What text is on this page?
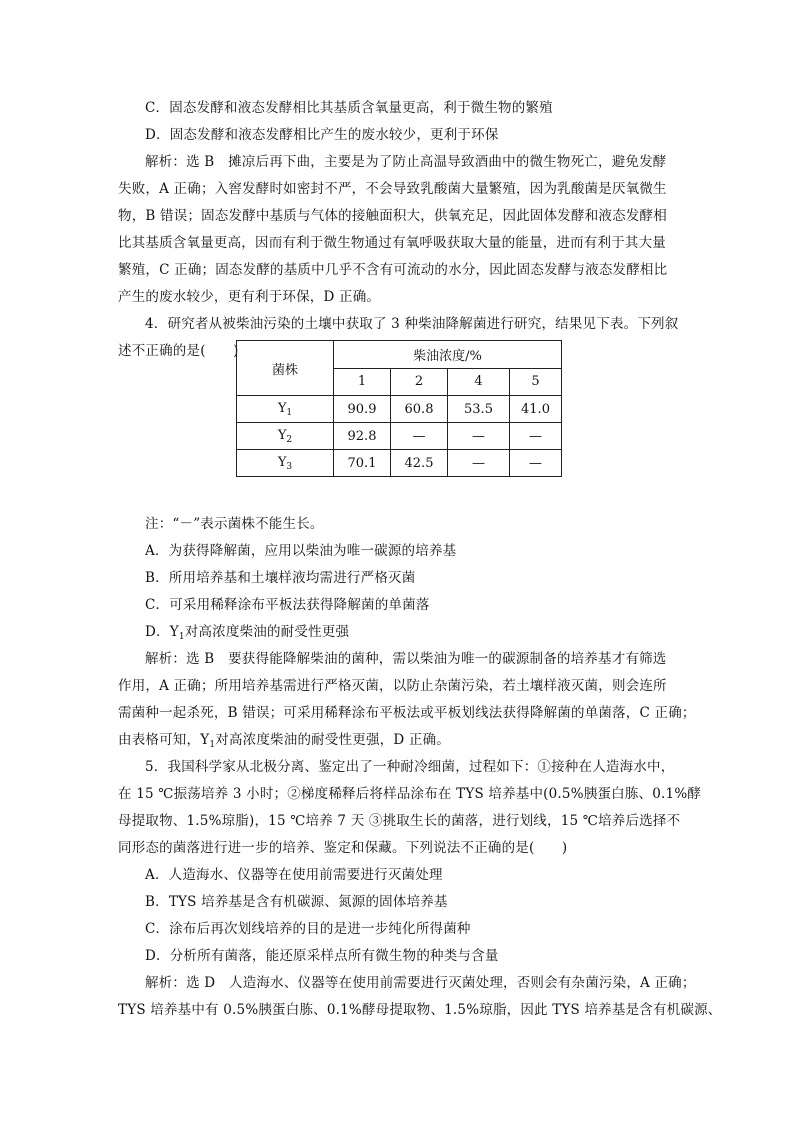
C．固态发酵和液态发酵相比其基质含氧量更高，利于微生物的繁殖
D．固态发酵和液态发酵相比产生的废水较少，更利于环保
解析：选 B　摊凉后再下曲，主要是为了防止高温导致酒曲中的微生物死亡，避免发酵
失败，A 正确；入窖发酵时如密封不严，不会导致乳酸菌大量繁殖，因为乳酸菌是厌氧微生
物，B 错误；固态发酵中基质与气体的接触面积大，供氧充足，因此固体发酵和液态发酵相
比其基质含氧量更高，因而有利于微生物通过有氧呼吸获取大量的能量，进而有利于其大量
繁殖，C 正确；固态发酵的基质中几乎不含有可流动的水分，因此固态发酵与液态发酵相比
产生的废水较少，更有利于环保，D 正确。
4．研究者从被柴油污染的土壤中获取了 3 种柴油降解菌进行研究，结果见下表。下列叙
述不正确的是(　　)
菌株	柴油浓度/%			
	1	2	4	5
$Y_1$	90.9	60.8	53.5	41.0
$Y_2$	92.8	—	—	—
$Y_3$	70.1	42.5	—	—
注：“－”表示菌株不能生长。
A．为获得降解菌，应用以柴油为唯一碳源的培养基
B．所用培养基和土壤样液均需进行严格灭菌
C．可采用稀释涂布平板法获得降解菌的单菌落
D．$Y_1$对高浓度柴油的耐受性更强
解析：选 B　要获得能降解柴油的菌种，需以柴油为唯一的碳源制备的培养基才有筛选
作用，A 正确；所用培养基需进行严格灭菌，以防止杂菌污染，若土壤样液灭菌，则会连所
需菌种一起杀死，B 错误；可采用稀释涂布平板法或平板划线法获得降解菌的单菌落，C 正确；
由表格可知，$Y_1$对高浓度柴油的耐受性更强，D 正确。
5．我国科学家从北极分离、鉴定出了一种耐冷细菌，过程如下：①接种在人造海水中，
在 15 ℃振荡培养 3 小时；②梯度稀释后将样品涂布在 TYS 培养基中(0.5%胰蛋白胨、0.1%酵
母提取物、1.5%琼脂)，15 ℃培养 7 天 ③挑取生长的菌落，进行划线，15 ℃培养后选择不
同形态的菌落进行进一步的培养、鉴定和保藏。下列说法不正确的是(　　)
A．人造海水、仪器等在使用前需要进行灭菌处理
B．TYS 培养基是含有机碳源、氮源的固体培养基
C．涂布后再次划线培养的目的是进一步纯化所得菌种
D．分析所有菌落，能还原采样点所有微生物的种类与含量
解析：选 D　人造海水、仪器等在使用前需要进行灭菌处理，否则会有杂菌污染，A 正确；
TYS 培养基中有 0.5%胰蛋白胨、0.1%酵母提取物、1.5%琼脂，因此 TYS 培养基是含有机碳源、
